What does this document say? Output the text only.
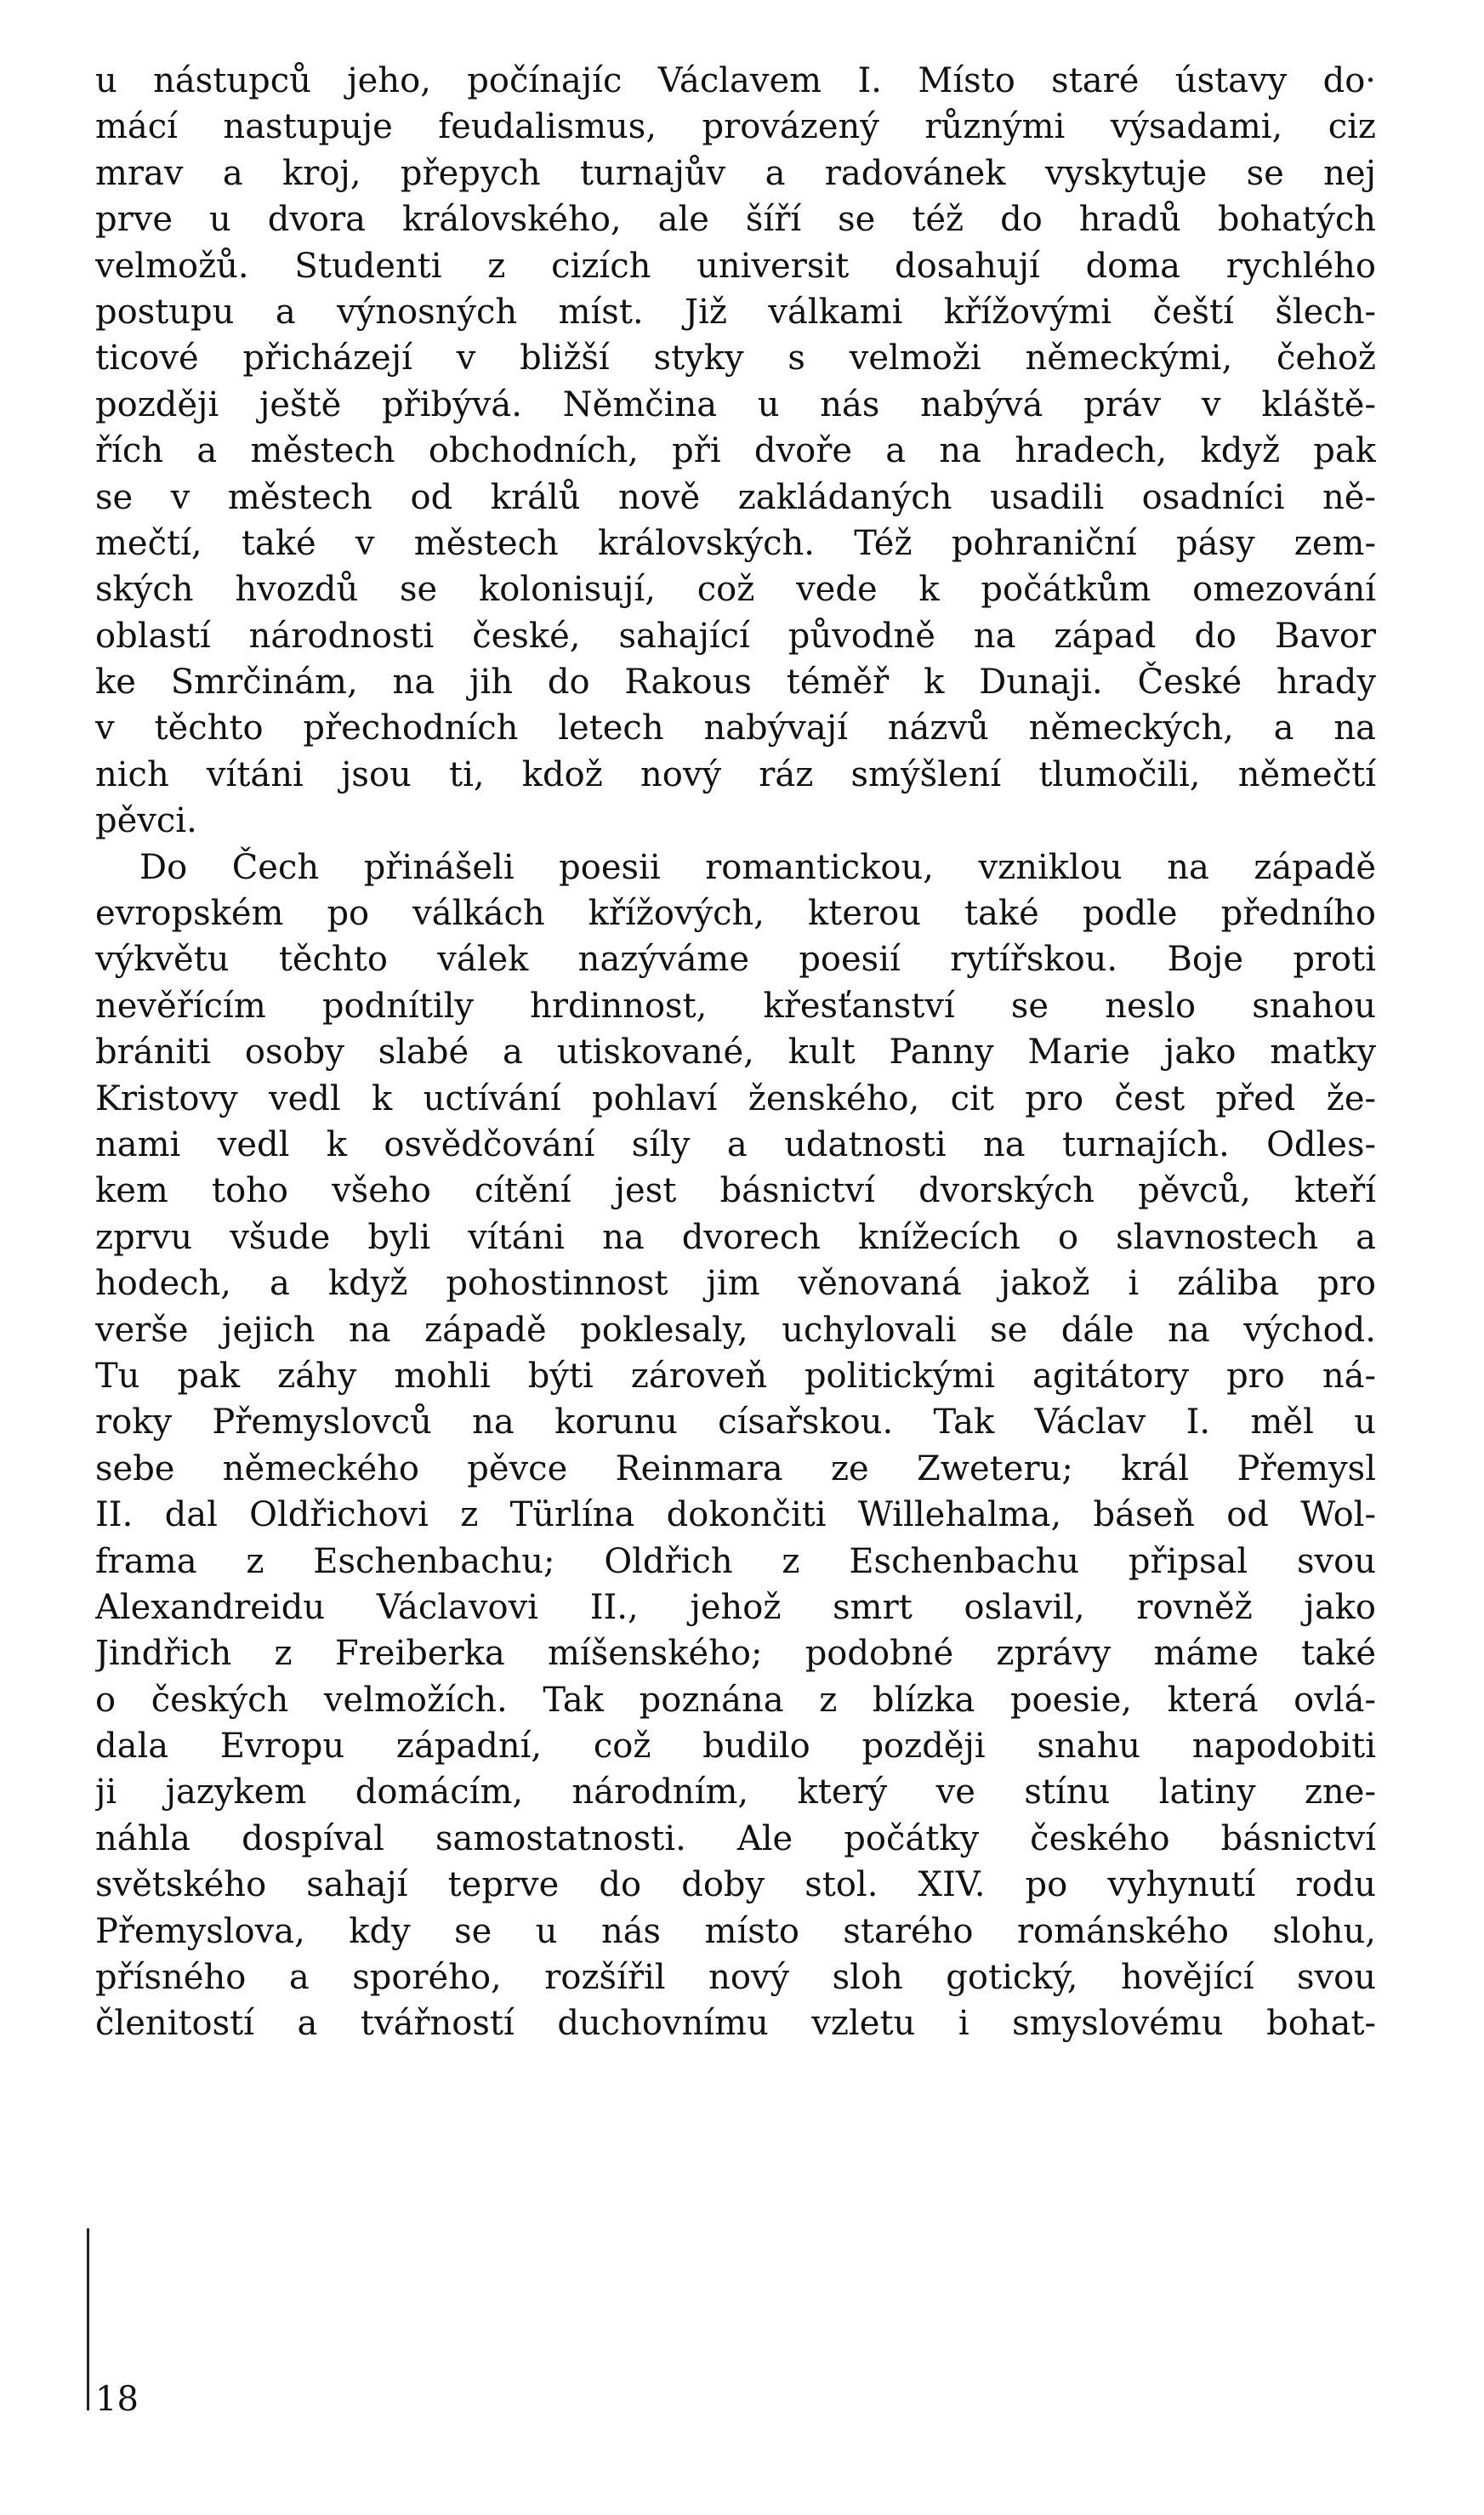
u nástupců jeho, počínajíc Václavem I. Místo staré ústavy do·
mácí nastupuje feudalismus, provázený různými výsadami, ciz
mrav a kroj, přepych turnajův a radovánek vyskytuje se nej
prve u dvora královského, ale šíří se též do hradů bohatých
velmožů. Studenti z cizích universit dosahují doma rychlého
postupu a výnosných míst. Již válkami křížovými čeští šlech-
ticové přicházejí v bližší styky s velmoži německými, čehož
později ještě přibývá. Němčina u nás nabývá práv v kláště-
řích a městech obchodních, při dvoře a na hradech, když pak
se v městech od králů nově zakládaných usadili osadníci ně-
mečtí, také v městech královských. Též pohraniční pásy zem-
ských hvozdů se kolonisují, což vede k počátkům omezování
oblastí národnosti české, sahající původně na západ do Bavor
ke Smrčinám, na jih do Rakous téměř k Dunaji. České hrady
v těchto přechodních letech nabývají názvů německých, a na
nich vítáni jsou ti, kdož nový ráz smýšlení tlumočili, němečtí
pěvci.
Do Čech přinášeli poesii romantickou, vzniklou na západě
evropském po válkách křížových, kterou také podle předního
výkvětu těchto válek nazýváme poesií rytířskou. Boje proti
nevěřícím podnítily hrdinnost, křesťanství se neslo snahou
brániti osoby slabé a utiskované, kult Panny Marie jako matky
Kristovy vedl k uctívání pohlaví ženského, cit pro čest před že-
nami vedl k osvědčování síly a udatnosti na turnajích. Odles-
kem toho všeho cítění jest básnictví dvorských pěvců, kteří
zprvu všude byli vítáni na dvorech knížecích o slavnostech a
hodech, a když pohostinnost jim věnovaná jakož i záliba pro
verše jejich na západě poklesaly, uchylovali se dále na východ.
Tu pak záhy mohli býti zároveň politickými agitátory pro ná-
roky Přemyslovců na korunu císařskou. Tak Václav I. měl u
sebe německého pěvce Reinmara ze Zweteru; král Přemysl
II. dal Oldřichovi z Türlína dokončiti Willehalma, báseň od Wol-
frama z Eschenbachu; Oldřich z Eschenbachu připsal svou
Alexandreidu Václavovi II., jehož smrt oslavil, rovněž jako
Jindřich z Freiberka míšenského; podobné zprávy máme také
o českých velmožích. Tak poznána z blízka poesie, která ovlá-
dala Evropu západní, což budilo později snahu napodobiti
ji jazykem domácím, národním, který ve stínu latiny zne-
náhla dospíval samostatnosti. Ale počátky českého básnictví
světského sahají teprve do doby stol. XIV. po vyhynutí rodu
Přemyslova, kdy se u nás místo starého románského slohu,
přísného a sporého, rozšířil nový sloh gotický, hovějící svou
členitostí a tvářností duchovnímu vzletu i smyslovému bohat-
18
